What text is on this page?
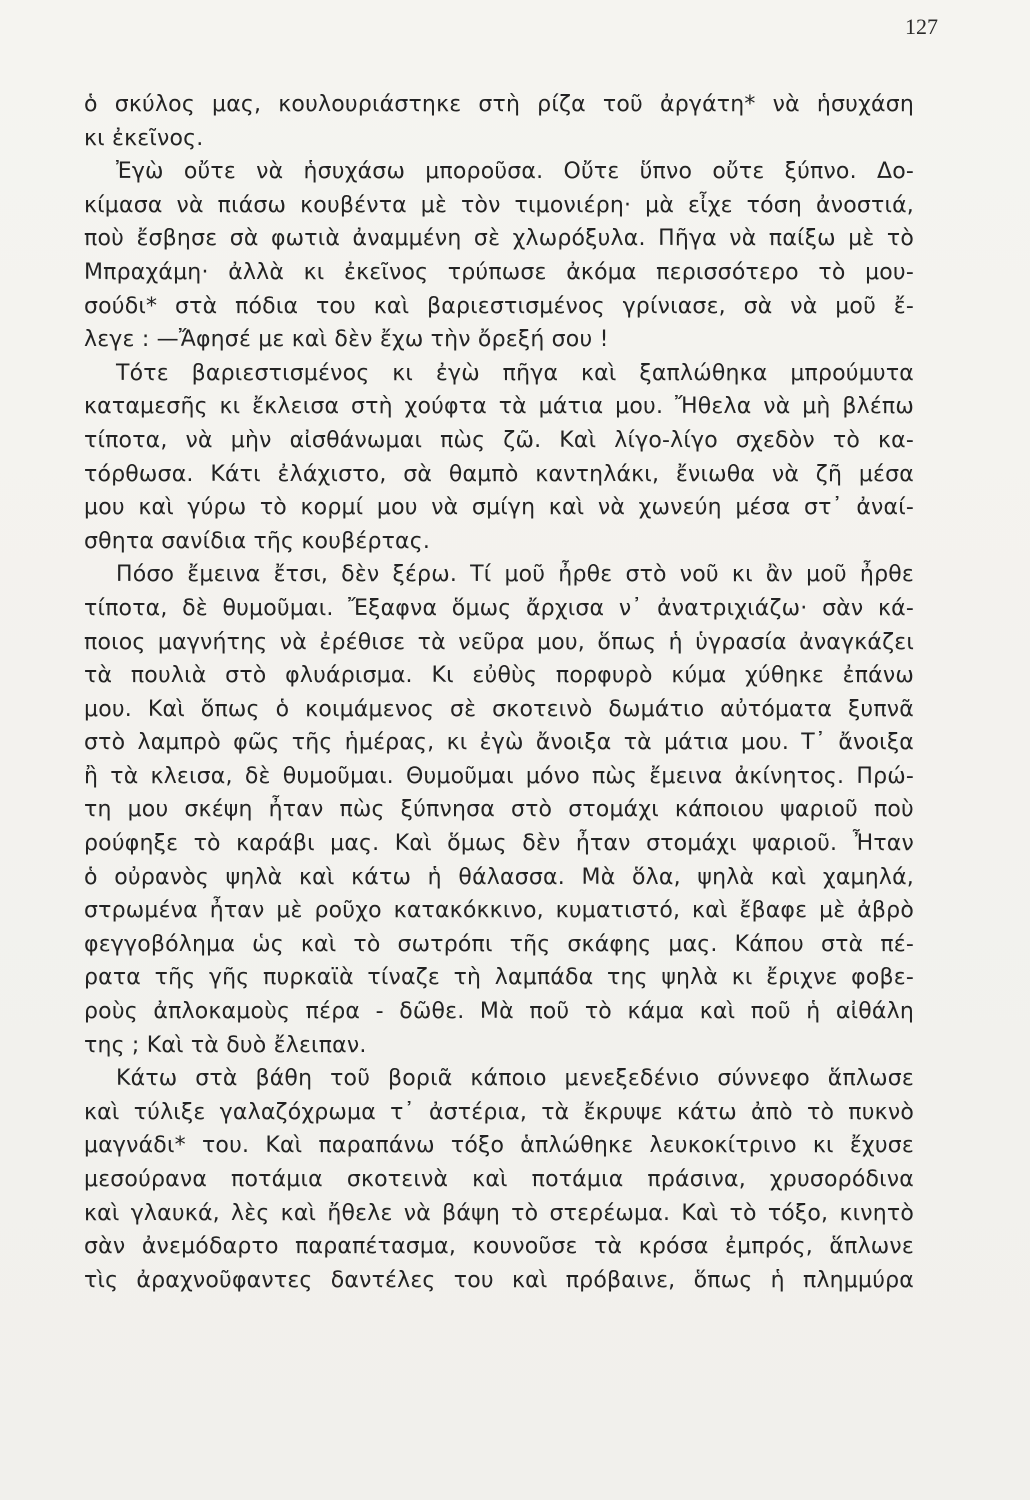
127
ὁ σκύλος μας, κουλουριάστηκε στὴ ρίζα τοῦ ἀργάτη* νὰ ἡσυχάση
κι ἐκεῖνος.
Ἐγὼ οὔτε νὰ ἡσυχάσω μποροῦσα. Οὔτε ὕπνο οὔτε ξύπνο. Δο-
κίμασα νὰ πιάσω κουβέντα μὲ τὸν τιμονιέρη· μὰ εἶχε τόση ἀνοστιά,
ποὺ ἔσβησε σὰ φωτιὰ ἀναμμένη σὲ χλωρόξυλα. Πῆγα νὰ παίξω μὲ τὸ
Μπραχάμη· ἀλλὰ κι ἐκεῖνος τρύπωσε ἀκόμα περισσότερο τὸ μου-
σούδι* στὰ πόδια του καὶ βαριεστισμένος γρίνιασε, σὰ νὰ μοῦ ἔ-
λεγε : —Ἄφησέ με καὶ δὲν ἔχω τὴν ὄρεξή σου !
Τότε βαριεστισμένος κι ἐγὼ πῆγα καὶ ξαπλώθηκα μπρούμυτα
καταμεσῆς κι ἔκλεισα στὴ χούφτα τὰ μάτια μου. Ἤθελα νὰ μὴ βλέπω
τίποτα, νὰ μὴν αἰσθάνωμαι πὼς ζῶ. Καὶ λίγο-λίγο σχεδὸν τὸ κα-
τόρθωσα. Κάτι ἐλάχιστο, σὰ θαμπὸ καντηλάκι, ἔνιωθα νὰ ζῆ μέσα
μου καὶ γύρω τὸ κορμί μου νὰ σμίγη καὶ νὰ χωνεύη μέσα στ᾿ ἀναί-
σθητα σανίδια τῆς κουβέρτας.
Πόσο ἔμεινα ἔτσι, δὲν ξέρω. Τί μοῦ ἦρθε στὸ νοῦ κι ἂν μοῦ ἦρθε
τίποτα, δὲ θυμοῦμαι. Ἔξαφνα ὅμως ἄρχισα ν᾿ ἀνατριχιάζω· σὰν κά-
ποιος μαγνήτης νὰ ἐρέθισε τὰ νεῦρα μου, ὅπως ἡ ὑγρασία ἀναγκάζει
τὰ πουλιὰ στὸ φλυάρισμα. Κι εὐθὺς πορφυρὸ κύμα χύθηκε ἐπάνω
μου. Καὶ ὅπως ὁ κοιμάμενος σὲ σκοτεινὸ δωμάτιο αὐτόματα ξυπνᾶ
στὸ λαμπρὸ φῶς τῆς ἡμέρας, κι ἐγὼ ἄνοιξα τὰ μάτια μου. Τ᾿ ἄνοιξα
ἢ τὰ κλεισα, δὲ θυμοῦμαι. Θυμοῦμαι μόνο πὼς ἔμεινα ἀκίνητος. Πρώ-
τη μου σκέψη ἦταν πὼς ξύπνησα στὸ στομάχι κάποιου ψαριοῦ ποὺ
ρούφηξε τὸ καράβι μας. Καὶ ὅμως δὲν ἦταν στομάχι ψαριοῦ. Ἦταν
ὁ οὐρανὸς ψηλὰ καὶ κάτω ἡ θάλασσα. Μὰ ὅλα, ψηλὰ καὶ χαμηλά,
στρωμένα ἦταν μὲ ροῦχο κατακόκκινο, κυματιστό, καὶ ἔβαφε μὲ ἀβρὸ
φεγγοβόλημα ὡς καὶ τὸ σωτρόπι τῆς σκάφης μας. Κάπου στὰ πέ-
ρατα τῆς γῆς πυρκαϊὰ τίναζε τὴ λαμπάδα της ψηλὰ κι ἔριχνε φοβε-
ροὺς ἀπλοκαμοὺς πέρα - δῶθε. Μὰ ποῦ τὸ κάμα καὶ ποῦ ἡ αἰθάλη
της ; Καὶ τὰ δυὸ ἔλειπαν.
Κάτω στὰ βάθη τοῦ βοριᾶ κάποιο μενεξεδένιο σύννεφο ἅπλωσε
καὶ τύλιξε γαλαζόχρωμα τ᾿ ἀστέρια, τὰ ἔκρυψε κάτω ἀπὸ τὸ πυκνὸ
μαγνάδι* του. Καὶ παραπάνω τόξο ἁπλώθηκε λευκοκίτρινο κι ἔχυσε
μεσούρανα ποτάμια σκοτεινὰ καὶ ποτάμια πράσινα, χρυσορόδινα
καὶ γλαυκά, λὲς καὶ ἤθελε νὰ βάψη τὸ στερέωμα. Καὶ τὸ τόξο, κινητὸ
σὰν ἀνεμόδαρτο παραπέτασμα, κουνοῦσε τὰ κρόσα ἐμπρός, ἅπλωνε
τὶς ἀραχνοῦφαντες δαντέλες του καὶ πρόβαινε, ὅπως ἡ πλημμύρα
